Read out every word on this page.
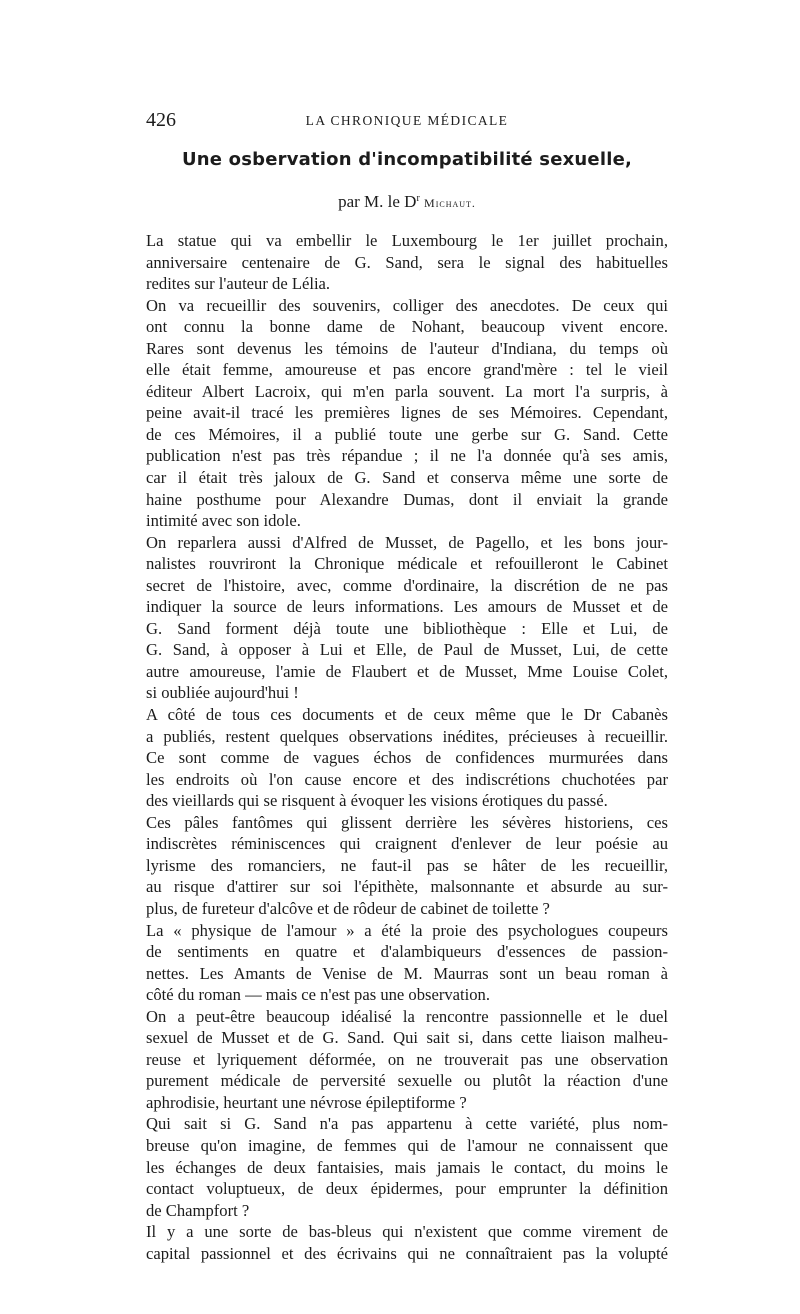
426	LA CHRONIQUE MÉDICALE
Une osbervation d'incompatibilité sexuelle,
par M. le $D^r$ Michaut.

La statue qui va embellir le Luxembourg le 1er juillet prochain,
anniversaire centenaire de G. Sand, sera le signal des habituelles
redites sur l'auteur de Lélia.

On va recueillir des souvenirs, colliger des anecdotes. De ceux qui
ont connu la bonne dame de Nohant, beaucoup vivent encore.
Rares sont devenus les témoins de l'auteur d'Indiana, du temps où
elle était femme, amoureuse et pas encore grand'mère : tel le vieil
éditeur Albert Lacroix, qui m'en parla souvent. La mort l'a surpris, à
peine avait-il tracé les premières lignes de ses Mémoires. Cependant,
de ces Mémoires, il a publié toute une gerbe sur G. Sand. Cette
publication n'est pas très répandue ; il ne l'a donnée qu'à ses amis,
car il était très jaloux de G. Sand et conserva même une sorte de
haine posthume pour Alexandre Dumas, dont il enviait la grande
intimité avec son idole.

On reparlera aussi d'Alfred de Musset, de Pagello, et les bons jour-
nalistes rouvriront la Chronique médicale et refouilleront le Cabinet
secret de l'histoire, avec, comme d'ordinaire, la discrétion de ne pas
indiquer la source de leurs informations. Les amours de Musset et de
G. Sand forment déjà toute une bibliothèque : Elle et Lui, de
G. Sand, à opposer à Lui et Elle, de Paul de Musset, Lui, de cette
autre amoureuse, l'amie de Flaubert et de Musset, Mme Louise Colet,
si oubliée aujourd'hui !

A côté de tous ces documents et de ceux même que le Dr Cabanès
a publiés, restent quelques observations inédites, précieuses à recueillir.
Ce sont comme de vagues échos de confidences murmurées dans
les endroits où l'on cause encore et des indiscrétions chuchotées par
des vieillards qui se risquent à évoquer les visions érotiques du passé.

Ces pâles fantômes qui glissent derrière les sévères historiens, ces
indiscrètes réminiscences qui craignent d'enlever de leur poésie au
lyrisme des romanciers, ne faut-il pas se hâter de les recueillir,
au risque d'attirer sur soi l'épithète, malsonnante et absurde au sur-
plus, de fureteur d'alcôve et de rôdeur de cabinet de toilette ?

La « physique de l'amour » a été la proie des psychologues coupeurs
de sentiments en quatre et d'alambiqueurs d'essences de passion-
nettes. Les Amants de Venise de M. Maurras sont un beau roman à
côté du roman — mais ce n'est pas une observation.

On a peut-être beaucoup idéalisé la rencontre passionnelle et le duel
sexuel de Musset et de G. Sand. Qui sait si, dans cette liaison malheu-
reuse et lyriquement déformée, on ne trouverait pas une observation
purement médicale de perversité sexuelle ou plutôt la réaction d'une
aphrodisie, heurtant une névrose épileptiforme ?

Qui sait si G. Sand n'a pas appartenu à cette variété, plus nom-
breuse qu'on imagine, de femmes qui de l'amour ne connaissent que
les échanges de deux fantaisies, mais jamais le contact, du moins le
contact voluptueux, de deux épidermes, pour emprunter la définition
de Champfort ?

Il y a une sorte de bas-bleus qui n'existent que comme virement de
capital passionnel et des écrivains qui ne connaîtraient pas la volupté
